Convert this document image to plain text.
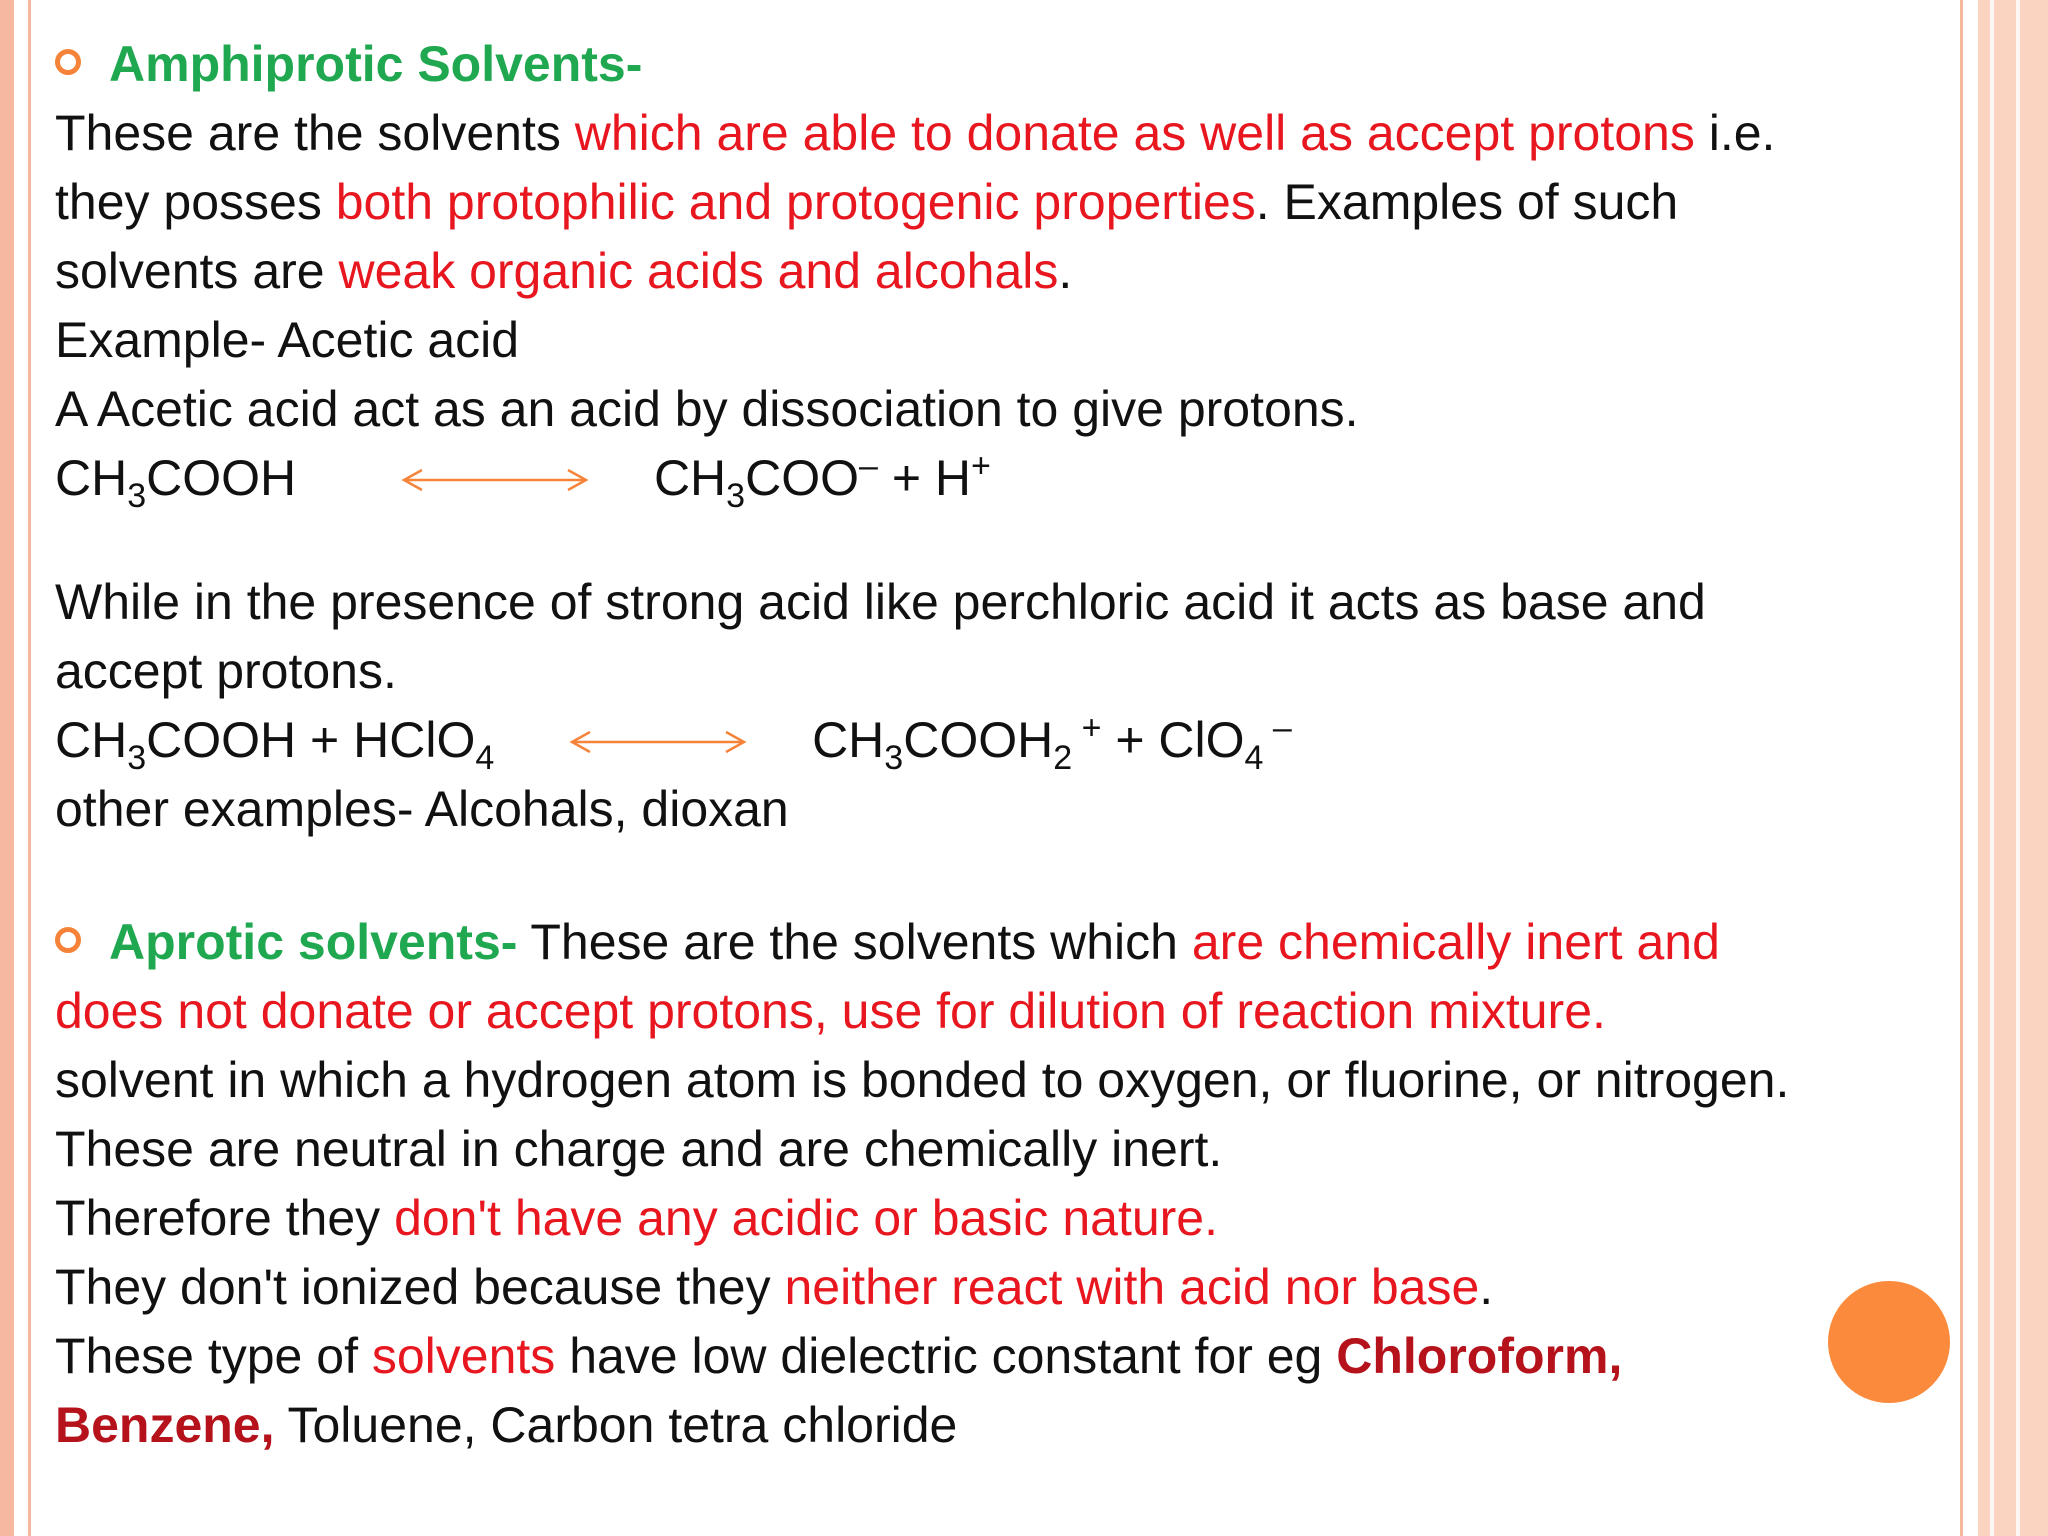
Amphiprotic Solvents-
These are the solvents which are able to donate as well as accept protons i.e.
they posses both protophilic and protogenic properties. Examples of such
solvents are weak organic acids and alcohals.
Example- Acetic acid
A Acetic acid act as an acid by dissociation to give protons.
$CH_3COOH$	$CH_3COO^- + H^+$
While in the presence of strong acid like perchloric acid it acts as base and
accept protons.
$CH_3COOH$ + HClO$_4$	$CH_3COOH_2$ + + ClO$_4$ –
other examples- Alcohals, dioxan
Aprotic solvents- These are the solvents which are chemically inert and
does not donate or accept protons, use for dilution of reaction mixture.
solvent in which a hydrogen atom is bonded to oxygen, or fluorine, or nitrogen.
These are neutral in charge and are chemically inert.
Therefore they don't have any acidic or basic nature.
They don't ionized because they neither react with acid nor base.
These type of solvents have low dielectric constant for eg Chloroform,
Benzene, Toluene, Carbon tetra chloride
